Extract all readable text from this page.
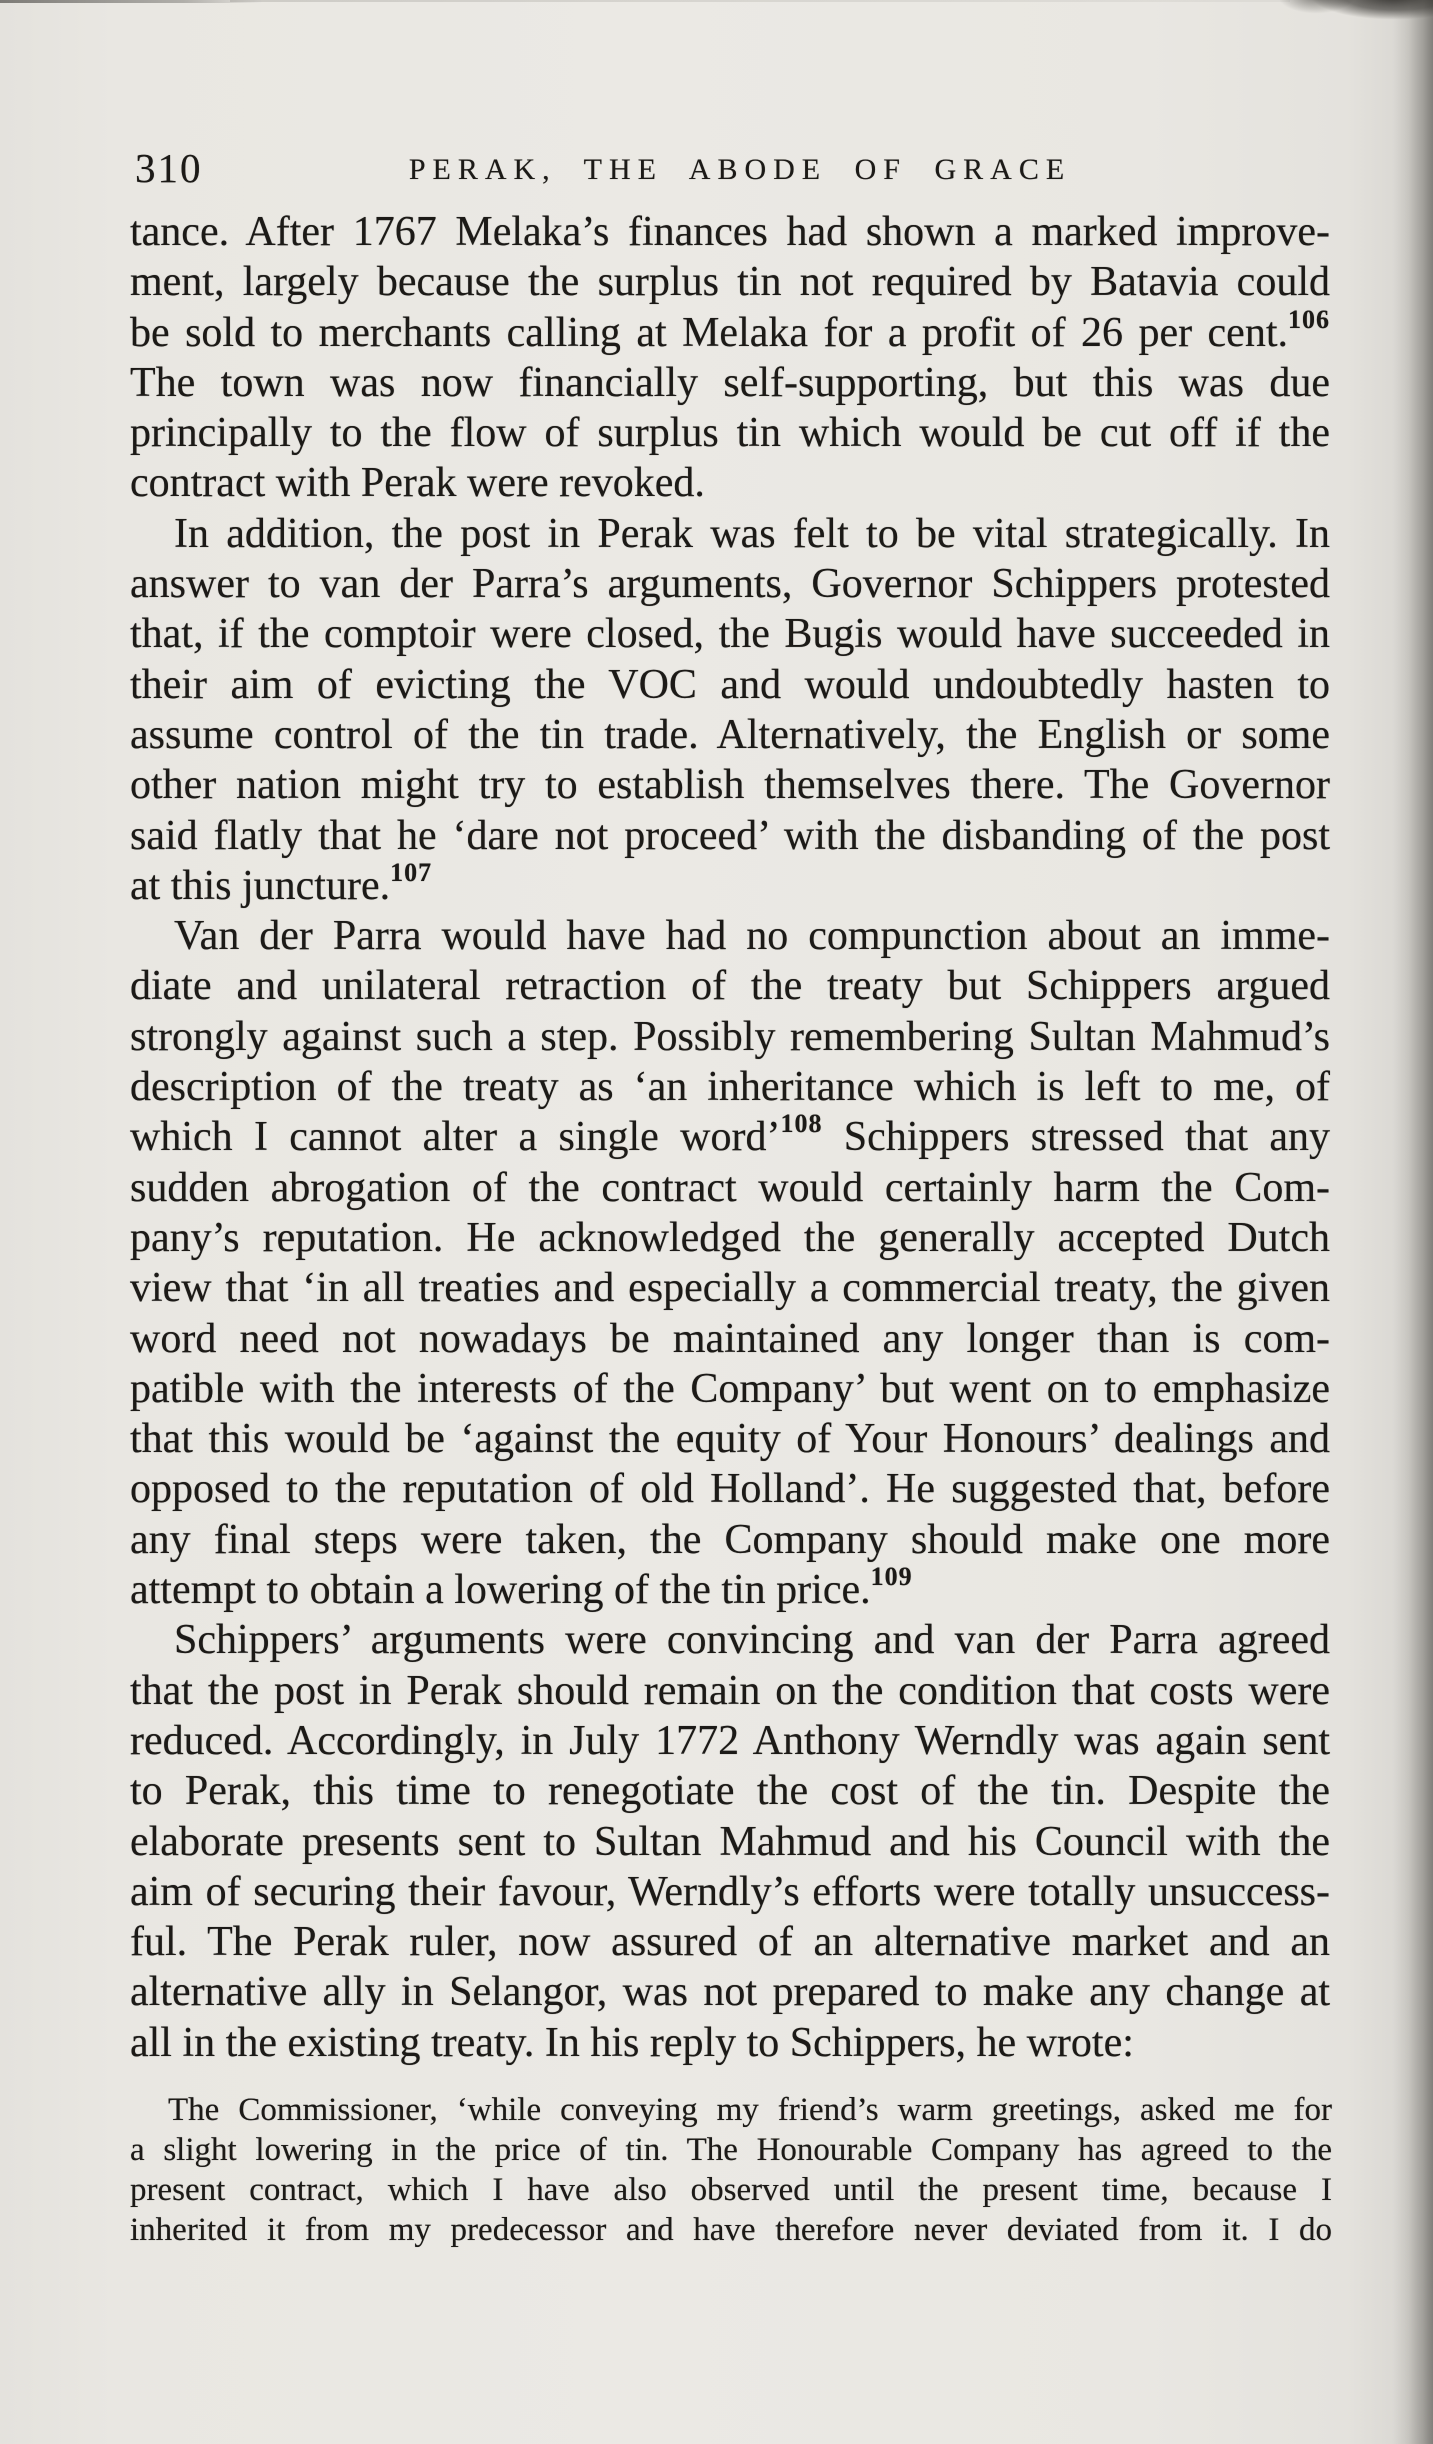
310	PERAK, THE ABODE OF GRACE
tance. After 1767 Melaka’s finances had shown a marked improve-
ment, largely because the surplus tin not required by Batavia could
be sold to merchants calling at Melaka for a profit of 26 per cent.$^{106}$
The town was now financially self-supporting, but this was due
principally to the flow of surplus tin which would be cut off if the
contract with Perak were revoked.
In addition, the post in Perak was felt to be vital strategically. In
answer to van der Parra’s arguments, Governor Schippers protested
that, if the comptoir were closed, the Bugis would have succeeded in
their aim of evicting the VOC and would undoubtedly hasten to
assume control of the tin trade. Alternatively, the English or some
other nation might try to establish themselves there. The Governor
said flatly that he ‘dare not proceed’ with the disbanding of the post
at this juncture.$^{107}$
Van der Parra would have had no compunction about an imme-
diate and unilateral retraction of the treaty but Schippers argued
strongly against such a step. Possibly remembering Sultan Mahmud’s
description of the treaty as ‘an inheritance which is left to me, of
which I cannot alter a single word’$^{108}$ Schippers stressed that any
sudden abrogation of the contract would certainly harm the Com-
pany’s reputation. He acknowledged the generally accepted Dutch
view that ‘in all treaties and especially a commercial treaty, the given
word need not nowadays be maintained any longer than is com-
patible with the interests of the Company’ but went on to emphasize
that this would be ‘against the equity of Your Honours’ dealings and
opposed to the reputation of old Holland’. He suggested that, before
any final steps were taken, the Company should make one more
attempt to obtain a lowering of the tin price.$^{109}$
Schippers’ arguments were convincing and van der Parra agreed
that the post in Perak should remain on the condition that costs were
reduced. Accordingly, in July 1772 Anthony Werndly was again sent
to Perak, this time to renegotiate the cost of the tin. Despite the
elaborate presents sent to Sultan Mahmud and his Council with the
aim of securing their favour, Werndly’s efforts were totally unsuccess-
ful. The Perak ruler, now assured of an alternative market and an
alternative ally in Selangor, was not prepared to make any change at
all in the existing treaty. In his reply to Schippers, he wrote:
The Commissioner, ‘while conveying my friend’s warm greetings, asked me for
a slight lowering in the price of tin. The Honourable Company has agreed to the
present contract, which I have also observed until the present time, because I
inherited it from my predecessor and have therefore never deviated from it. I do
